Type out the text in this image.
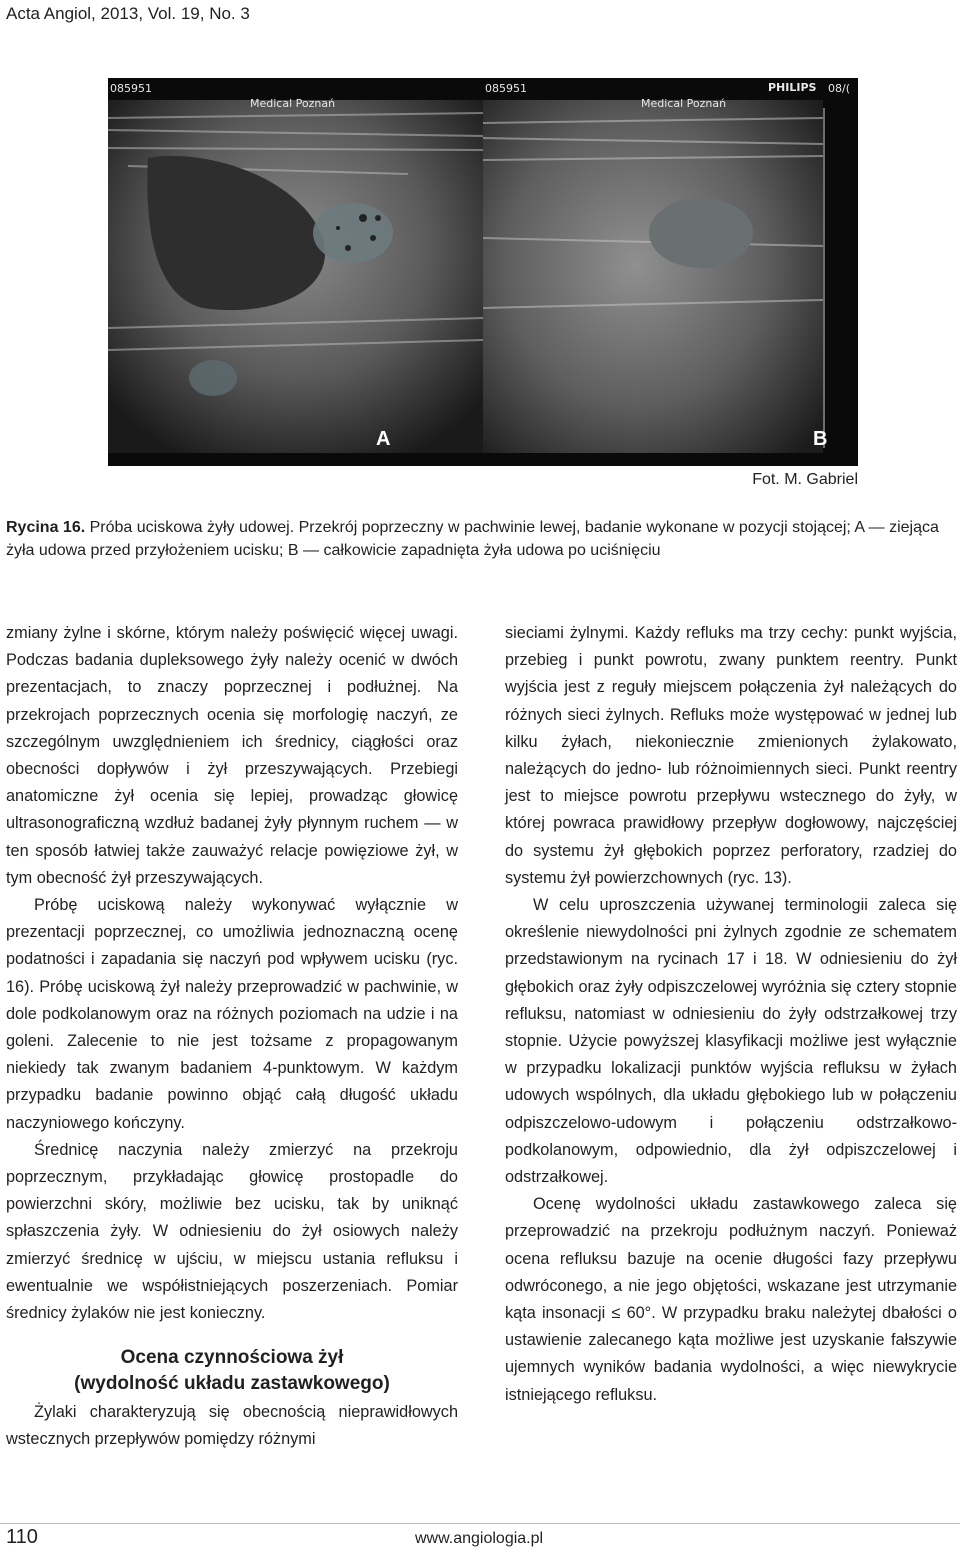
Acta Angiol, 2013, Vol. 19, No. 3
085951
Medical Poznań
A
085951
Medical Poznań
PHILIPS 08/(
B
Fot. M. Gabriel
Rycina 16. Próba uciskowa żyły udowej. Przekrój poprzeczny w pachwinie lewej, badanie wykonane w pozycji stojącej; A — ziejąca żyła udowa przed przyłożeniem ucisku; B — całkowicie zapadnięta żyła udowa po uciśnięciu

zmiany żylne i skórne, którym należy poświęcić więcej uwagi. Podczas badania dupleksowego żyły należy ocenić w dwóch prezentacjach, to znaczy poprzecznej i podłużnej. Na przekrojach poprzecznych ocenia się morfologię naczyń, ze szczególnym uwzględnieniem ich średnicy, ciągłości oraz obecności dopływów i żył przeszywających. Przebiegi anatomiczne żył ocenia się lepiej, prowadząc głowicę ultrasonograficzną wzdłuż badanej żyły płynnym ruchem — w ten sposób łatwiej także zauważyć relacje powięziowe żył, w tym obecność żył przeszywających.

Próbę uciskową należy wykonywać wyłącznie w prezentacji poprzecznej, co umożliwia jednoznaczną ocenę podatności i zapadania się naczyń pod wpływem ucisku (ryc. 16). Próbę uciskową żył należy przeprowadzić w pachwinie, w dole podkolanowym oraz na różnych poziomach na udzie i na goleni. Zalecenie to nie jest tożsame z propagowanym niekiedy tak zwanym badaniem 4-punktowym. W każdym przypadku badanie powinno objąć całą długość układu naczyniowego kończyny.

Średnicę naczynia należy zmierzyć na przekroju poprzecznym, przykładając głowicę prostopadle do powierzchni skóry, możliwie bez ucisku, tak by uniknąć spłaszczenia żyły. W odniesieniu do żył osiowych należy zmierzyć średnicę w ujściu, w miejscu ustania refluksu i ewentualnie we współistniejących poszerzeniach. Pomiar średnicy żylaków nie jest konieczny.

Ocena czynnościowa żył
(wydolność układu zastawkowego)

Żylaki charakteryzują się obecnością nieprawidłowych wstecznych przepływów pomiędzy różnymi

sieciami żylnymi. Każdy refluks ma trzy cechy: punkt wyjścia, przebieg i punkt powrotu, zwany punktem reentry. Punkt wyjścia jest z reguły miejscem połączenia żył należących do różnych sieci żylnych. Refluks może występować w jednej lub kilku żyłach, niekoniecznie zmienionych żylakowato, należących do jedno- lub różnoimiennych sieci. Punkt reentry jest to miejsce powrotu przepływu wstecznego do żyły, w której powraca prawidłowy przepływ dogłowowy, najczęściej do systemu żył głębokich poprzez perforatory, rzadziej do systemu żył powierzchownych (ryc. 13).

W celu uproszczenia używanej terminologii zaleca się określenie niewydolności pni żylnych zgodnie ze schematem przedstawionym na rycinach 17 i 18. W odniesieniu do żył głębokich oraz żyły odpiszczelowej wyróżnia się cztery stopnie refluksu, natomiast w odniesieniu do żyły odstrzałkowej trzy stopnie. Użycie powyższej klasyfikacji możliwe jest wyłącznie w przypadku lokalizacji punktów wyjścia refluksu w żyłach udowych wspólnych, dla układu głębokiego lub w połączeniu odpiszczelowo-udowym i połączeniu odstrzałkowo-podkolanowym, odpowiednio, dla żył odpiszczelowej i odstrzałkowej.

Ocenę wydolności układu zastawkowego zaleca się przeprowadzić na przekroju podłużnym naczyń. Ponieważ ocena refluksu bazuje na ocenie długości fazy przepływu odwróconego, a nie jego objętości, wskazane jest utrzymanie kąta insonacji ≤ 60°. W przypadku braku należytej dbałości o ustawienie zalecanego kąta możliwe jest uzyskanie fałszywie ujemnych wyników badania wydolności, a więc niewykrycie istniejącego refluksu.

110	www.angiologia.pl
